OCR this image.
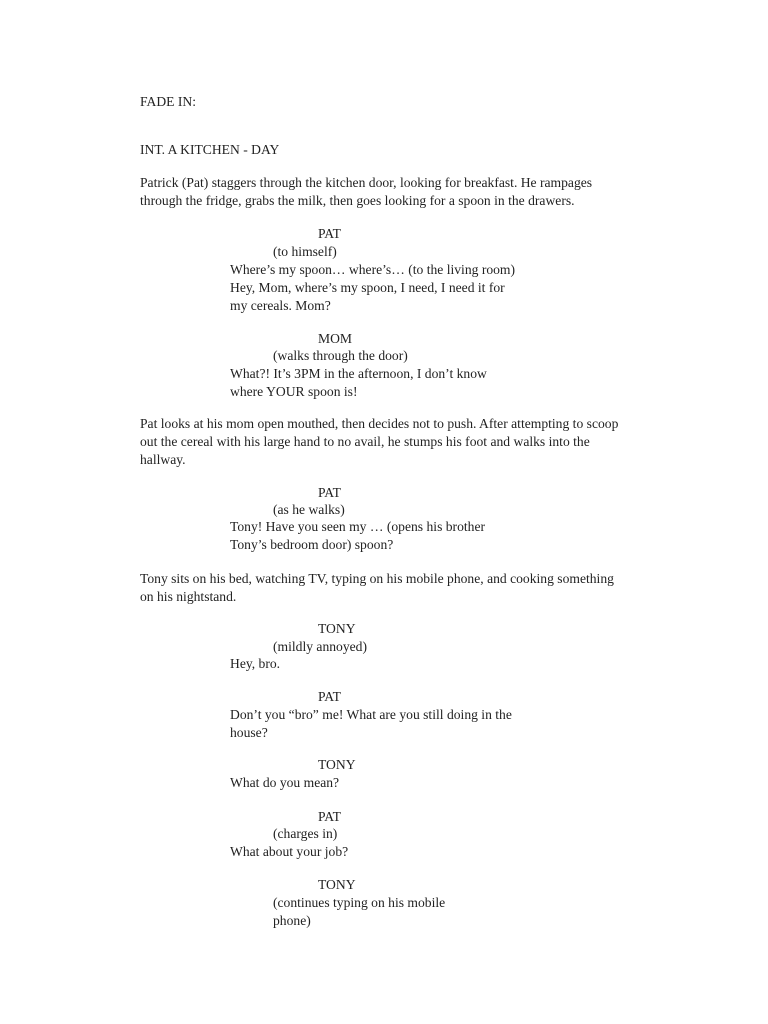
FADE IN:

INT. A KITCHEN - DAY

Patrick (Pat) staggers through the kitchen door, looking for breakfast. He rampages
through the fridge, grabs the milk, then goes looking for a spoon in the drawers.

PAT

(to himself)

Where’s my spoon… where’s… (to the living room)
Hey, Mom, where’s my spoon, I need, I need it for
my cereals. Mom?

MOM

(walks through the door)

What?! It’s 3PM in the afternoon, I don’t know
where YOUR spoon is!
Pat looks at his mom open mouthed, then decides not to push. After attempting to scoop
out the cereal with his large hand to no avail, he stumps his foot and walks into the
hallway.

PAT

(as he walks)

Tony! Have you seen my … (opens his brother
Tony’s bedroom door) spoon?
Tony sits on his bed, watching TV, typing on his mobile phone, and cooking something
on his nightstand.

TONY

(mildly annoyed)

Hey, bro.

PAT

Don’t you “bro” me! What are you still doing in the
house?

TONY

What do you mean?

PAT

(charges in)

What about your job?

TONY

(continues typing on his mobile
phone)
